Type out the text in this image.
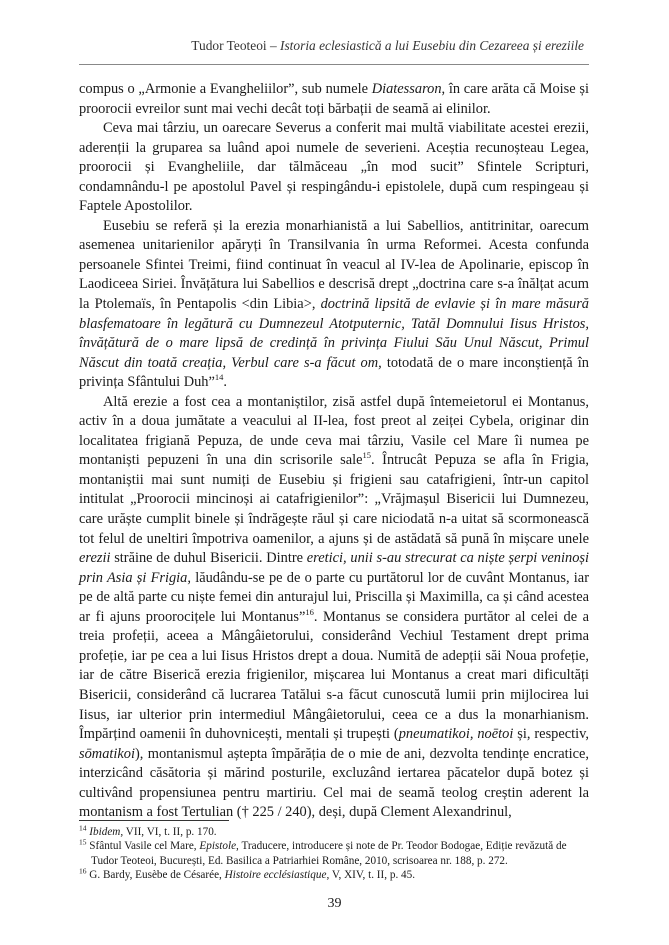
Tudor Teoteoi – Istoria eclesiastică a lui Eusebiu din Cezareea și ereziile

compus o „Armonie a Evangheliilor”, sub numele Diatessaron, în care arăta că Moise și proorocii evreilor sunt mai vechi decât toți bărbații de seamă ai elinilor.

Ceva mai târziu, un oarecare Severus a conferit mai multă viabilitate acestei erezii, aderenții la gruparea sa luând apoi numele de severieni. Aceștia recunoșteau Legea, proorocii și Evangheliile, dar tălmăceau „în mod sucit” Sfintele Scripturi, condamnându-l pe apostolul Pavel și respingându-i epistolele, după cum respingeau și Faptele Apostolilor.

Eusebiu se referă și la erezia monarhianistă a lui Sabellios, antitrinitar, oarecum asemenea unitarienilor apărуți în Transilvania în urma Reformei. Acesta confunda persoanele Sfintei Treimi, fiind continuat în veacul al IV-lea de Apolinarie, episcop în Laodiceea Siriei. Învățătura lui Sabellios e descrisă drept „doctrina care s-a înălțat acum la Ptolemaïs, în Pentapolis <din Libia>, doctrină lipsită de evlavie și în mare măsură blasfematoare în legătură cu Dumnezeul Atotputernic, Tatăl Domnului Iisus Hristos, învățătură de o mare lipsă de credință în privința Fiului Său Unul Născut, Primul Născut din toată creația, Verbul care s-a făcut om, totodată de o mare inconștiență în privința Sfântului Duh”$^{14}$.

Altă erezie a fost cea a montaniștilor, zisă astfel după întemeietorul ei Montanus, activ în a doua jumătate a veacului al II-lea, fost preot al zeiței Cybela, originar din localitatea frigiană Pepuza, de unde ceva mai târziu, Vasile cel Mare îi numea pe montaniști pepuzeni în una din scrisorile sale$^{15}$. Întrucât Pepuza se afla în Frigia, montaniștii mai sunt numiți de Eusebiu și frigieni sau catafrigieni, într-un capitol intitulat „Proorocii mincinoși ai catafrigienilor”: „Vrăjmașul Bisericii lui Dumnezeu, care urăște cumplit binele și îndrăgește răul și care niciodată n-a uitat să scormonească tot felul de uneltiri împotriva oamenilor, a ajuns și de astădată să pună în mișcare unele erezii străine de duhul Bisericii. Dintre eretici, unii s-au strecurat ca niște șerpi veninoși prin Asia și Frigia, lăudându-se pe de o parte cu purtătorul lor de cuvânt Montanus, iar pe de altă parte cu niște femei din anturajul lui, Priscilla și Maximilla, ca și când acestea ar fi ajuns proorocițele lui Montanus”$^{16}$. Montanus se considera purtător al celei de a treia profeții, aceea a Mângâietorului, considerând Vechiul Testament drept prima profeție, iar pe cea a lui Iisus Hristos drept a doua. Numită de adepții săi Noua profeție, iar de către Biserică erezia frigienilor, mișcarea lui Montanus a creat mari dificultăți Bisericii, considerând că lucrarea Tatălui s-a făcut cunoscută lumii prin mijlocirea lui Iisus, iar ulterior prin intermediul Mângâietorului, ceea ce a dus la monarhianism. Împărțind oamenii în duhovnicești, mentali și trupești (pneumatikoi, noētoi și, respectiv, sōmatikoi), montanismul aștepta împărăția de o mie de ani, dezvolta tendințe encratice, interzicând căsătoria și mărind posturile, excluzând iertarea păcatelor după botez și cultivând propensiunea pentru martiriu. Cel mai de seamă teolog creștin aderent la montanism a fost Tertulian († 225 / 240), deși, după Clement Alexandrinul,

$^{14}$ Ibidem, VII, VI, t. II, p. 170.
$^{15}$ Sfântul Vasile cel Mare, Epistole, Traducere, introducere și note de Pr. Teodor Bodogae, Ediție revăzută de Tudor Teoteoi, București, Ed. Basilica a Patriarhiei Române, 2010, scrisoarea nr. 188, p. 272.
$^{16}$ G. Bardy, Eusèbe de Césarée, Histoire ecclésiastique, V, XIV, t. II, p. 45.
39
